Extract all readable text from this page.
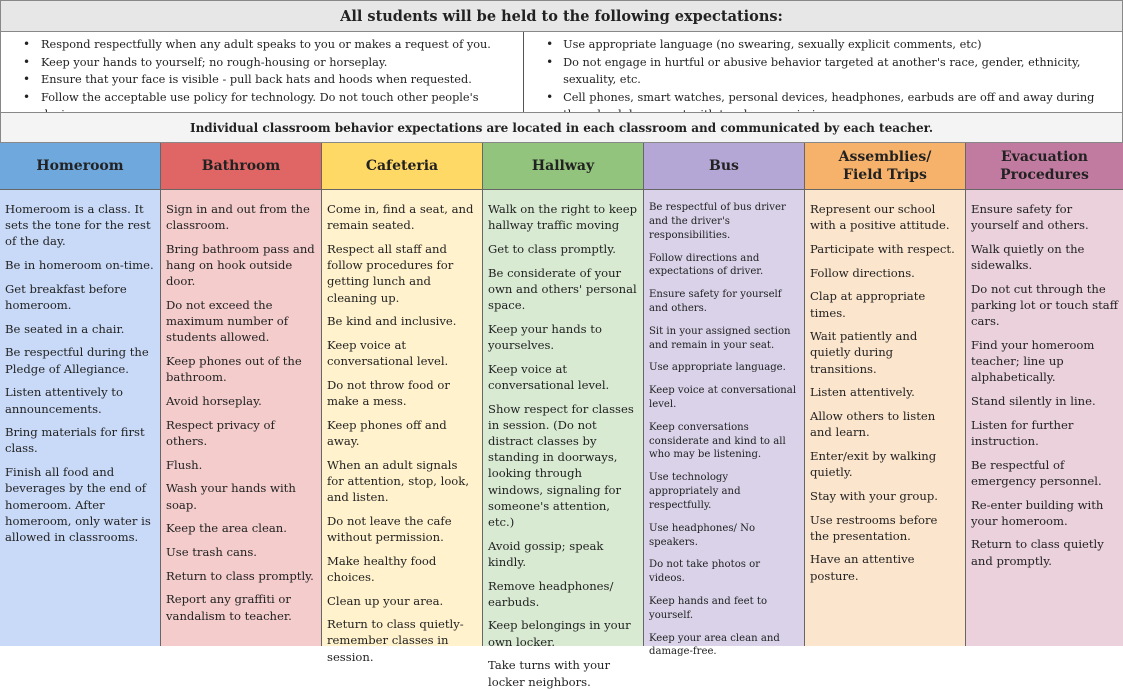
All students will be held to the following expectations:
• Respond respectfully when any adult speaks to you or makes a request of you.
• Keep your hands to yourself; no rough-housing or horseplay.
• Ensure that your face is visible - pull back hats and hoods when requested.
• Follow the acceptable use policy for technology. Do not touch other people's
• Use appropriate language (no swearing, sexually explicit comments, etc)
• Do not engage in hurtful or abusive behavior targeted at another's race, gender, ethnicity, sexuality, etc.
• Cell phones, smart watches, personal devices, headphones, earbuds are off and away during
Individual classroom behavior expectations are located in each classroom and communicated by each teacher.
Homeroom
Homeroom is a class. It sets the tone for the rest of the day.
Be in homeroom on-time.
Get breakfast before homeroom.
Be seated in a chair.
Be respectful during the Pledge of Allegiance.
Listen attentively to announcements.
Bring materials for first class.
Finish all food and beverages by the end of homeroom. After homeroom, only water is allowed in classrooms.
Bathroom
Sign in and out from the classroom.
Bring bathroom pass and hang on hook outside door.
Do not exceed the maximum number of students allowed.
Keep phones out of the bathroom.
Avoid horseplay.
Respect privacy of others.
Flush.
Wash your hands with soap.
Keep the area clean.
Use trash cans.
Return to class promptly.
Report any graffiti or vandalism to teacher.
Cafeteria
Come in, find a seat, and remain seated.
Respect all staff and follow procedures for getting lunch and cleaning up.
Be kind and inclusive.
Keep voice at conversational level.
Do not throw food or make a mess.
Keep phones off and away.
When an adult signals for attention, stop, look, and listen.
Do not leave the cafe without permission.
Make healthy food choices.
Clean up your area.
Return to class quietly- remember classes in session.
Hallway
Walk on the right to keep hallway traffic moving
Get to class promptly.
Be considerate of your own and others' personal space.
Keep your hands to yourselves.
Keep voice at conversational level.
Show respect for classes in session. (Do not distract classes by standing in doorways, looking through windows, signaling for someone's attention, etc.)
Avoid gossip; speak kindly.
Remove headphones/ earbuds.
Keep belongings in your own locker.
Take turns with your locker neighbors.
Bus
Be respectful of bus driver and the driver's responsibilities.
Follow directions and expectations of driver.
Ensure safety for yourself and others.
Sit in your assigned section and remain in your seat.
Use appropriate language.
Keep voice at conversational level.
Keep conversations considerate and kind to all who may be listening.
Use technology appropriately and respectfully.
Use headphones/ No speakers.
Do not take photos or videos.
Keep hands and feet to yourself.
Keep your area clean and damage-free.
Assemblies/ Field Trips
Represent our school with a positive attitude.
Participate with respect.
Follow directions.
Clap at appropriate times.
Wait patiently and quietly during transitions.
Listen attentively.
Allow others to listen and learn.
Enter/exit by walking quietly.
Stay with your group.
Use restrooms before the presentation.
Have an attentive posture.
Evacuation Procedures
Ensure safety for yourself and others.
Walk quietly on the sidewalks.
Do not cut through the parking lot or touch staff cars.
Find your homeroom teacher; line up alphabetically.
Stand silently in line.
Listen for further instruction.
Be respectful of emergency personnel.
Re-enter building with your homeroom.
Return to class quietly and promptly.
